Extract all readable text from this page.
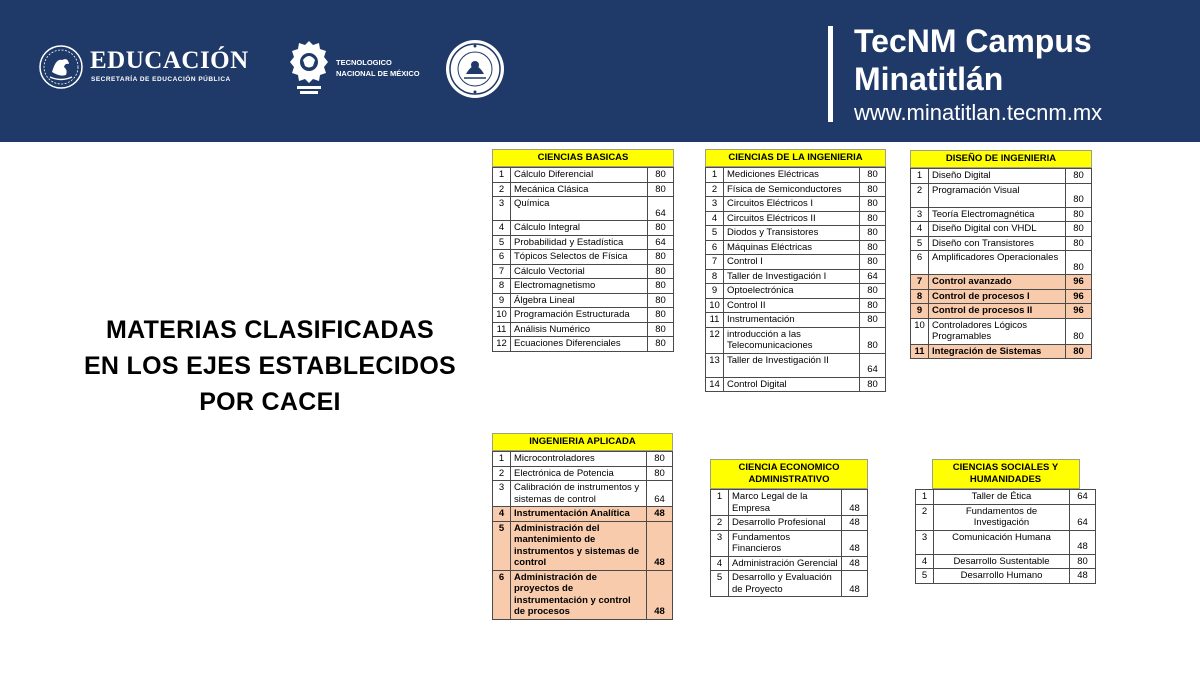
EDUCACIÓN
SECRETARÍA DE EDUCACIÓN PÚBLICA
TECNOLOGICO
NACIONAL DE MÉXICO
TecNM Campus
Minatitlán
www.minatitlan.tecnm.mx
MATERIAS CLASIFICADAS
EN LOS EJES ESTABLECIDOS
POR CACEI
CIENCIAS BASICAS
1	Cálculo Diferencial	80
2	Mecánica Clásica	80
3	Química	64
4	Cálculo Integral	80
5	Probabilidad y Estadística	64
6	Tópicos Selectos de Física	80
7	Cálculo Vectorial	80
8	Electromagnetismo	80
9	Álgebra Lineal	80
10	Programación Estructurada	80
11	Análisis Numérico	80
12	Ecuaciones Diferenciales	80
CIENCIAS DE LA INGENIERIA
1	Mediciones Eléctricas	80
2	Física de Semiconductores	80
3	Circuitos Eléctricos I	80
4	Circuitos Eléctricos II	80
5	Diodos y Transistores	80
6	Máquinas Eléctricas	80
7	Control I	80
8	Taller de Investigación I	64
9	Optoelectrónica	80
10	Control II	80
11	Instrumentación	80
12	introducción a las Telecomunicaciones	80
13	Taller de Investigación II	64
14	Control Digital	80
DISEÑO DE INGENIERIA
1	Diseño Digital	80
2	Programación Visual	80
3	Teoría Electromagnética	80
4	Diseño Digital con VHDL	80
5	Diseño con Transistores	80
6	Amplificadores Operacionales	80
7	Control avanzado	96
8	Control de procesos I	96
9	Control de procesos II	96
10	Controladores Lógicos Programables	80
11	Integración de Sistemas	80
INGENIERIA APLICADA
1	Microcontroladores	80
2	Electrónica de Potencia	80
3	Calibración de instrumentos y sistemas de control	64
4	Instrumentación Analítica	48
5	Administración del mantenimiento de instrumentos y sistemas de control	48
6	Administración de proyectos de instrumentación y control de procesos	48
CIENCIA ECONOMICO ADMINISTRATIVO
1	Marco Legal de la Empresa	48
2	Desarrollo Profesional	48
3	Fundamentos Financieros	48
4	Administración Gerencial	48
5	Desarrollo y Evaluación de Proyecto	48
CIENCIAS SOCIALES Y HUMANIDADES
1	Taller de Ética	64
2	Fundamentos de Investigación	64
3	Comunicación Humana	48
4	Desarrollo Sustentable	80
5	Desarrollo Humano	48
